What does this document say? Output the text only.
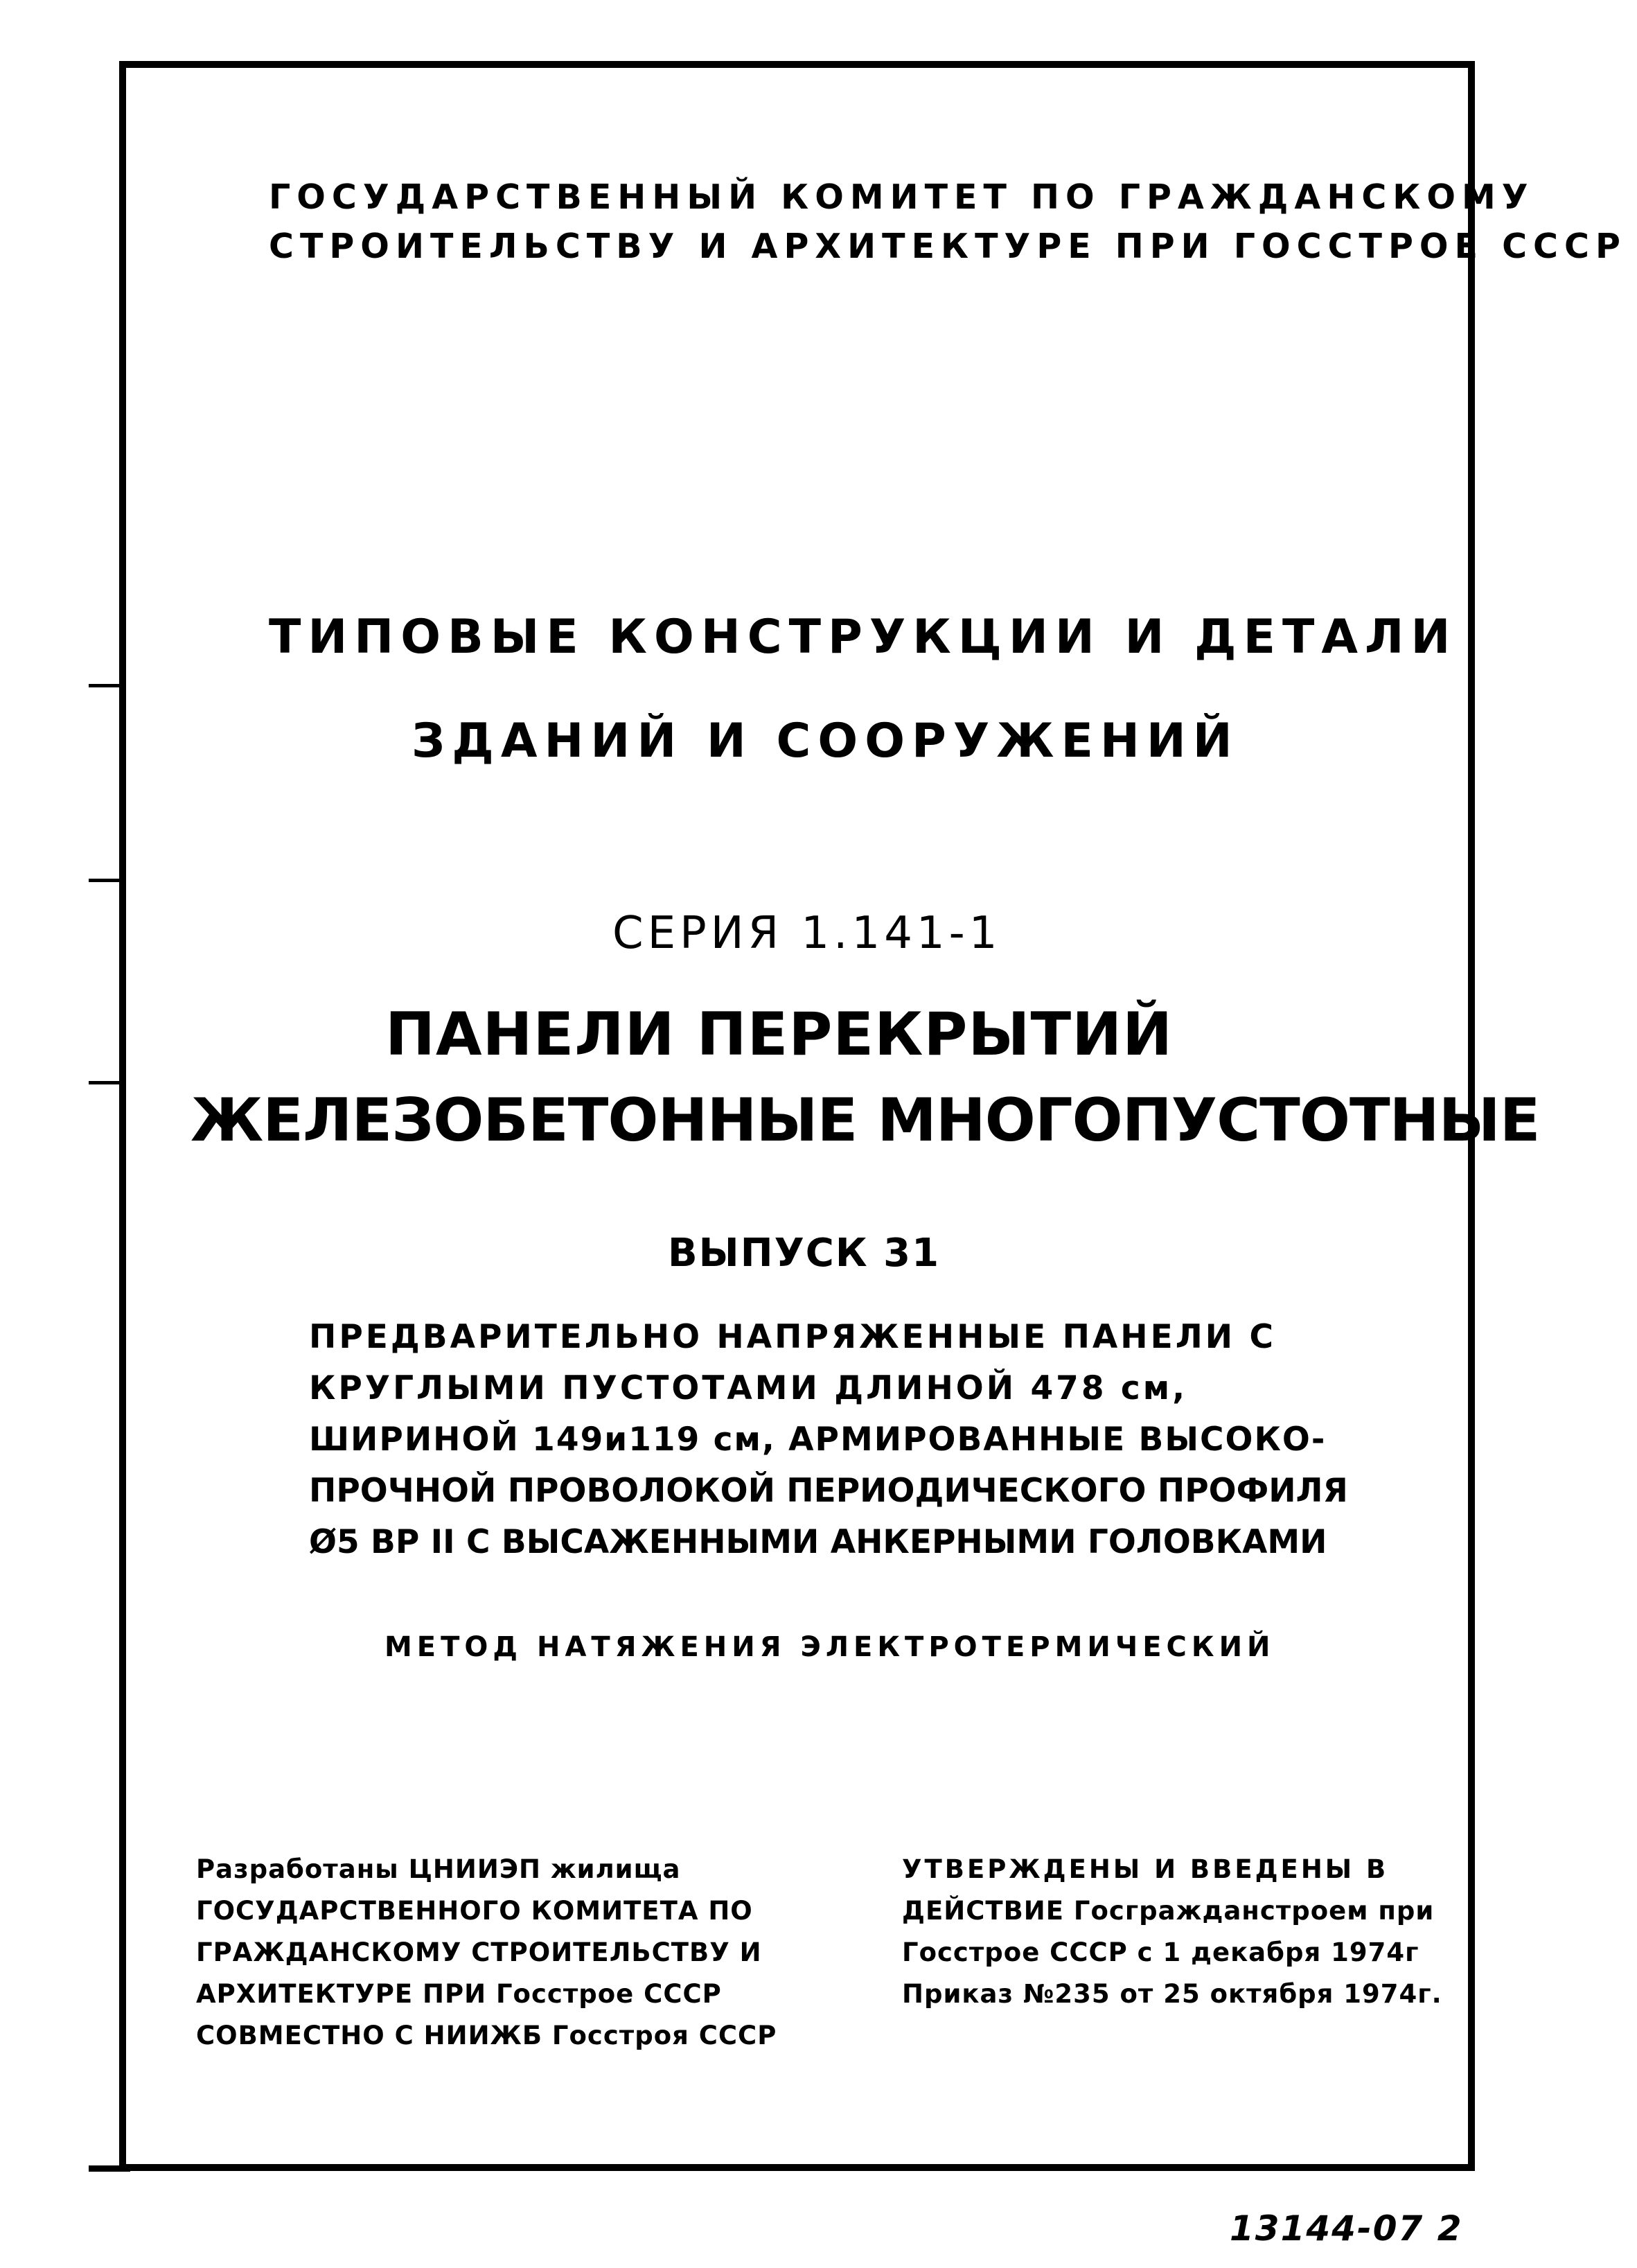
ГОСУДАРСТВЕННЫЙ КОМИТЕТ ПО ГРАЖДАНСКОМУ
СТРОИТЕЛЬСТВУ И АРХИТЕКТУРЕ ПРИ ГОССТРОЕ СССР
ТИПОВЫЕ КОНСТРУКЦИИ И ДЕТАЛИ
ЗДАНИЙ И СООРУЖЕНИЙ
СЕРИЯ 1.141-1
ПАНЕЛИ ПЕРЕКРЫТИЙ
ЖЕЛЕЗОБЕТОННЫЕ МНОГОПУСТОТНЫЕ
ВЫПУСК 31
ПРЕДВАРИТЕЛЬНО НАПРЯЖЕННЫЕ ПАНЕЛИ С
КРУГЛЫМИ ПУСТОТАМИ ДЛИНОЙ 478 см,
ШИРИНОЙ 149и119 см, АРМИРОВАННЫЕ ВЫСОКО-
ПРОЧНОЙ ПРОВОЛОКОЙ ПЕРИОДИЧЕСКОГО ПРОФИЛЯ
Ø5 ВР II С ВЫСАЖЕННЫМИ АНКЕРНЫМИ ГОЛОВКАМИ
МЕТОД НАТЯЖЕНИЯ ЭЛЕКТРОТЕРМИЧЕСКИЙ
Разработаны ЦНИИЭП жилища
ГОСУДАРСТВЕННОГО КОМИТЕТА ПО
ГРАЖДАНСКОМУ СТРОИТЕЛЬСТВУ И
АРХИТЕКТУРЕ ПРИ Госстрое СССР
СОВМЕСТНО С НИИЖБ Госстроя СССР
УТВЕРЖДЕНЫ И ВВЕДЕНЫ В
ДЕЙСТВИЕ Госгражданстроем при
Госстрое СССР с 1 декабря 1974г
Приказ №235 от 25 октября 1974г.
13144-07 2
